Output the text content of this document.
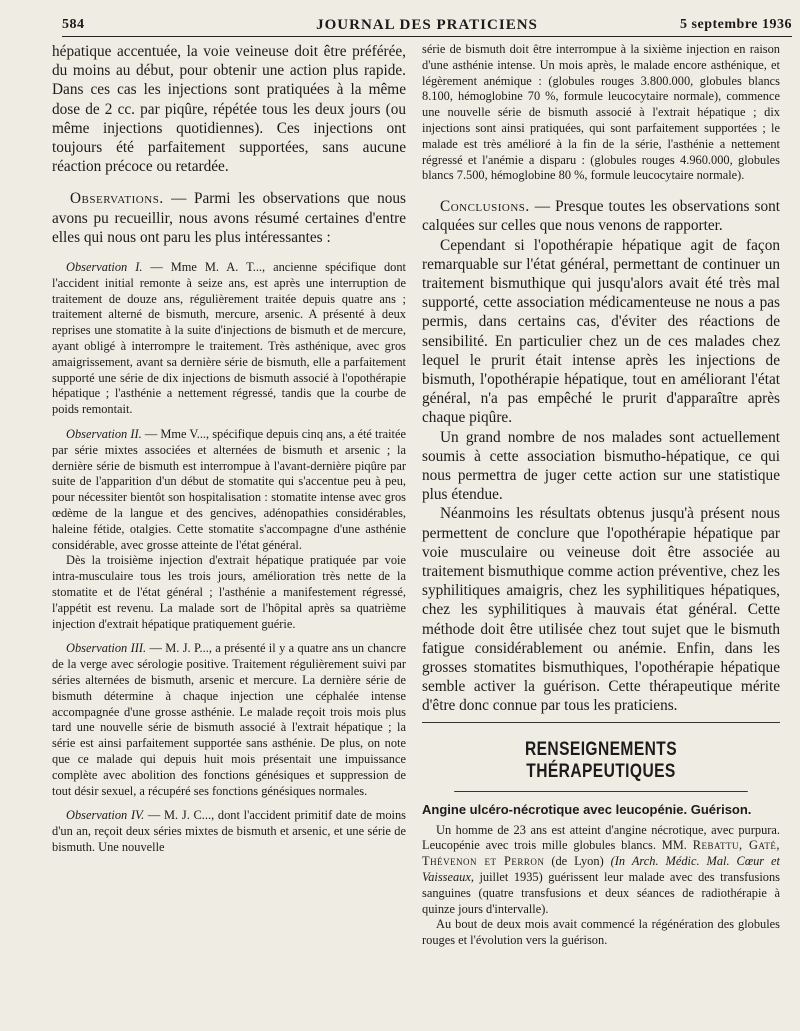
584	JOURNAL DES PRATICIENS	5 septembre 1936

hépatique accentuée, la voie veineuse doit être préférée, du moins au début, pour obtenir une action plus rapide. Dans ces cas les injections sont pratiquées à la même dose de 2 cc. par piqûre, répétée tous les deux jours (ou même injections quotidiennes). Ces injections ont toujours été parfaitement supportées, sans aucune réaction précoce ou retardée.

Observations. — Parmi les observations que nous avons pu recueillir, nous avons résumé certaines d'entre elles qui nous ont paru les plus intéressantes :

Observation I. — Mme M. A. T..., ancienne spécifique dont l'accident initial remonte à seize ans, est après une interruption de traitement de douze ans, régulièrement traitée depuis quatre ans ; traitement alterné de bismuth, mercure, arsenic. A présenté à deux reprises une stomatite à la suite d'injections de bismuth et de mercure, ayant obligé à interrompre le traitement. Très asthénique, avec gros amaigrissement, avant sa dernière série de bismuth, elle a parfaitement supporté une série de dix injections de bismuth associé à l'opothérapie hépatique ; l'asthénie a nettement régressé, tandis que la courbe de poids remontait.

Observation II. — Mme V..., spécifique depuis cinq ans, a été traitée par série mixtes associées et alternées de bismuth et arsenic ; la dernière série de bismuth est interrompue à l'avant-dernière piqûre par suite de l'apparition d'un début de stomatite qui s'accentue peu à peu, pour nécessiter bientôt son hospitalisation : stomatite intense avec gros œdème de la langue et des gencives, adénopathies considérables, haleine fétide, otalgies. Cette stomatite s'accompagne d'une asthénie considérable, avec grosse atteinte de l'état général.

Dès la troisième injection d'extrait hépatique pratiquée par voie intra-musculaire tous les trois jours, amélioration très nette de la stomatite et de l'état général ; l'asthénie a manifestement régressé, l'appétit est revenu. La malade sort de l'hôpital après sa quatrième injection d'extrait hépatique pratiquement guérie.

Observation III. — M. J. P..., a présenté il y a quatre ans un chancre de la verge avec sérologie positive. Traitement régulièrement suivi par séries alternées de bismuth, arsenic et mercure. La dernière série de bismuth détermine à chaque injection une céphalée intense accompagnée d'une grosse asthénie. Le malade reçoit trois mois plus tard une nouvelle série de bismuth associé à l'extrait hépatique ; la série est ainsi parfaitement supportée sans asthénie. De plus, on note que ce malade qui depuis huit mois présentait une impuissance complète avec abolition des fonctions génésiques et suppression de tout désir sexuel, a récupéré ses fonctions génésiques normales.

Observation IV. — M. J. C..., dont l'accident primitif date de moins d'un an, reçoit deux séries mixtes de bismuth et arsenic, et une série de bismuth. Une nouvelle

série de bismuth doit être interrompue à la sixième injection en raison d'une asthénie intense. Un mois après, le malade encore asthénique, et légèrement anémique : (globules rouges 3.800.000, globules blancs 8.100, hémoglobine 70 %, formule leucocytaire normale), commence une nouvelle série de bismuth associé à l'extrait hépatique ; dix injections sont ainsi pratiquées, qui sont parfaitement supportées ; le malade est très amélioré à la fin de la série, l'asthénie a nettement régressé et l'anémie a disparu : (globules rouges 4.960.000, globules blancs 7.500, hémoglobine 80 %, formule leucocytaire normale).

Conclusions. — Presque toutes les observations sont calquées sur celles que nous venons de rapporter.

Cependant si l'opothérapie hépatique agit de façon remarquable sur l'état général, permettant de continuer un traitement bismuthique qui jusqu'alors avait été très mal supporté, cette association médicamenteuse ne nous a pas permis, dans certains cas, d'éviter des réactions de sensibilité. En particulier chez un de ces malades chez lequel le prurit était intense après les injections de bismuth, l'opothérapie hépatique, tout en améliorant l'état général, n'a pas empêché le prurit d'apparaître après chaque piqûre.

Un grand nombre de nos malades sont actuellement soumis à cette association bismutho-hépatique, ce qui nous permettra de juger cette action sur une statistique plus étendue.

Néanmoins les résultats obtenus jusqu'à présent nous permettent de conclure que l'opothérapie hépatique par voie musculaire ou veineuse doit être associée au traitement bismuthique comme action préventive, chez les syphilitiques amaigris, chez les syphilitiques hépatiques, chez les syphilitiques à mauvais état général. Cette méthode doit être utilisée chez tout sujet que le bismuth fatigue considérablement ou anémie. Enfin, dans les grosses stomatites bismuthiques, l'opothérapie hépatique semble activer la guérison. Cette thérapeutique mérite d'être donc connue par tous les praticiens.

RENSEIGNEMENTS THÉRAPEUTIQUES

Angine ulcéro-nécrotique avec leucopénie. Guérison.

Un homme de 23 ans est atteint d'angine nécrotique, avec purpura. Leucopénie avec trois mille globules blancs. MM. Rebattu, Gaté, Thévenon et Perron (de Lyon) (In Arch. Médic. Mal. Cœur et Vaisseaux, juillet 1935) guérissent leur malade avec des transfusions sanguines (quatre transfusions et deux séances de radiothérapie à quinze jours d'intervalle).

Au bout de deux mois avait commencé la régénération des globules rouges et l'évolution vers la guérison.
